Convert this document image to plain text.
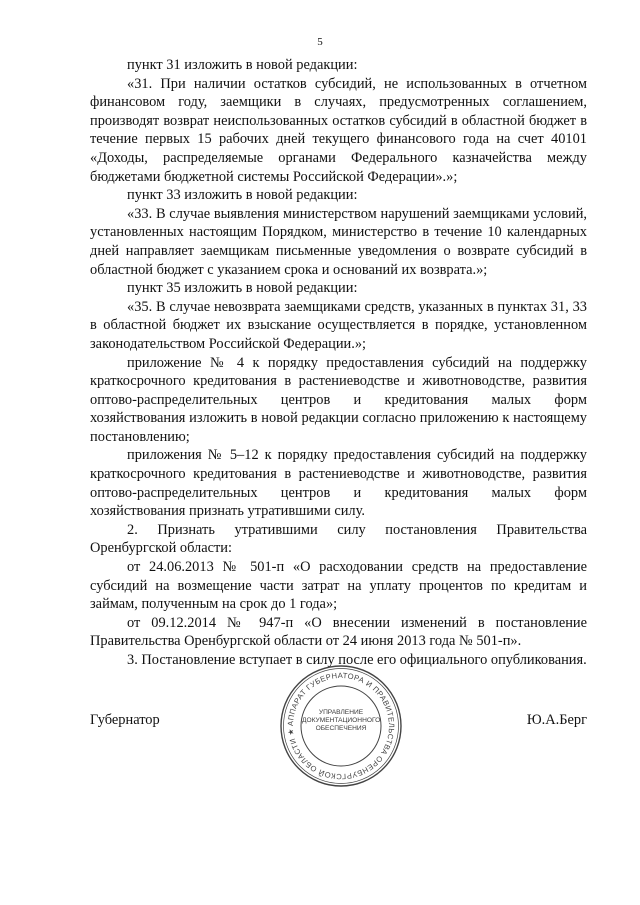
5

пункт 31 изложить в новой редакции:

«31. При наличии остатков субсидий, не использованных в отчетном финансовом году, заемщики в случаях, предусмотренных соглашением, производят возврат неиспользованных остатков субсидий в областной бюджет в течение первых 15 рабочих дней текущего финансового года на счет 40101 «Доходы, распределяемые органами Федерального казначейства между бюджетами бюджетной системы Российской Федерации».»;

пункт 33 изложить в новой редакции:

«33. В случае выявления министерством нарушений заемщиками условий, установленных настоящим Порядком, министерство в течение 10 календарных дней направляет заемщикам письменные уведомления о возврате субсидий в областной бюджет с указанием срока и оснований их возврата.»;

пункт 35 изложить в новой редакции:

«35. В случае невозврата заемщиками средств, указанных в пунктах 31, 33 в областной бюджет их взыскание осуществляется в порядке, установленном законодательством Российской Федерации.»;

приложение № 4 к порядку предоставления субсидий на поддержку краткосрочного кредитования в растениеводстве и животноводстве, развития оптово-распределительных центров и кредитования малых форм хозяйствования изложить в новой редакции согласно приложению к настоящему постановлению;

приложения № 5–12 к порядку предоставления субсидий на поддержку краткосрочного кредитования в растениеводстве и животноводстве, развития оптово-распределительных центров и кредитования малых форм хозяйствования признать утратившими силу.

2. Признать утратившими силу постановления Правительства Оренбургской области:

от 24.06.2013 № 501-п «О расходовании средств на предоставление субсидий на возмещение части затрат на уплату процентов по кредитам и займам, полученным на срок до 1 года»;

от 09.12.2014 № 947-п «О внесении изменений в постановление Правительства Оренбургской области от 24 июня 2013 года № 501-п».

3. Постановление вступает в силу после его официального опубликования.

Губернатор	Ю.А.Берг
АППАРАТ ГУБЕРНАТОРА И ПРАВИТЕЛЬСТВА ОРЕНБУРГСКОЙ ОБЛАСТИ ★
УПРАВЛЕНИЕ
ДОКУМЕНТАЦИОННОГО
ОБЕСПЕЧЕНИЯ
